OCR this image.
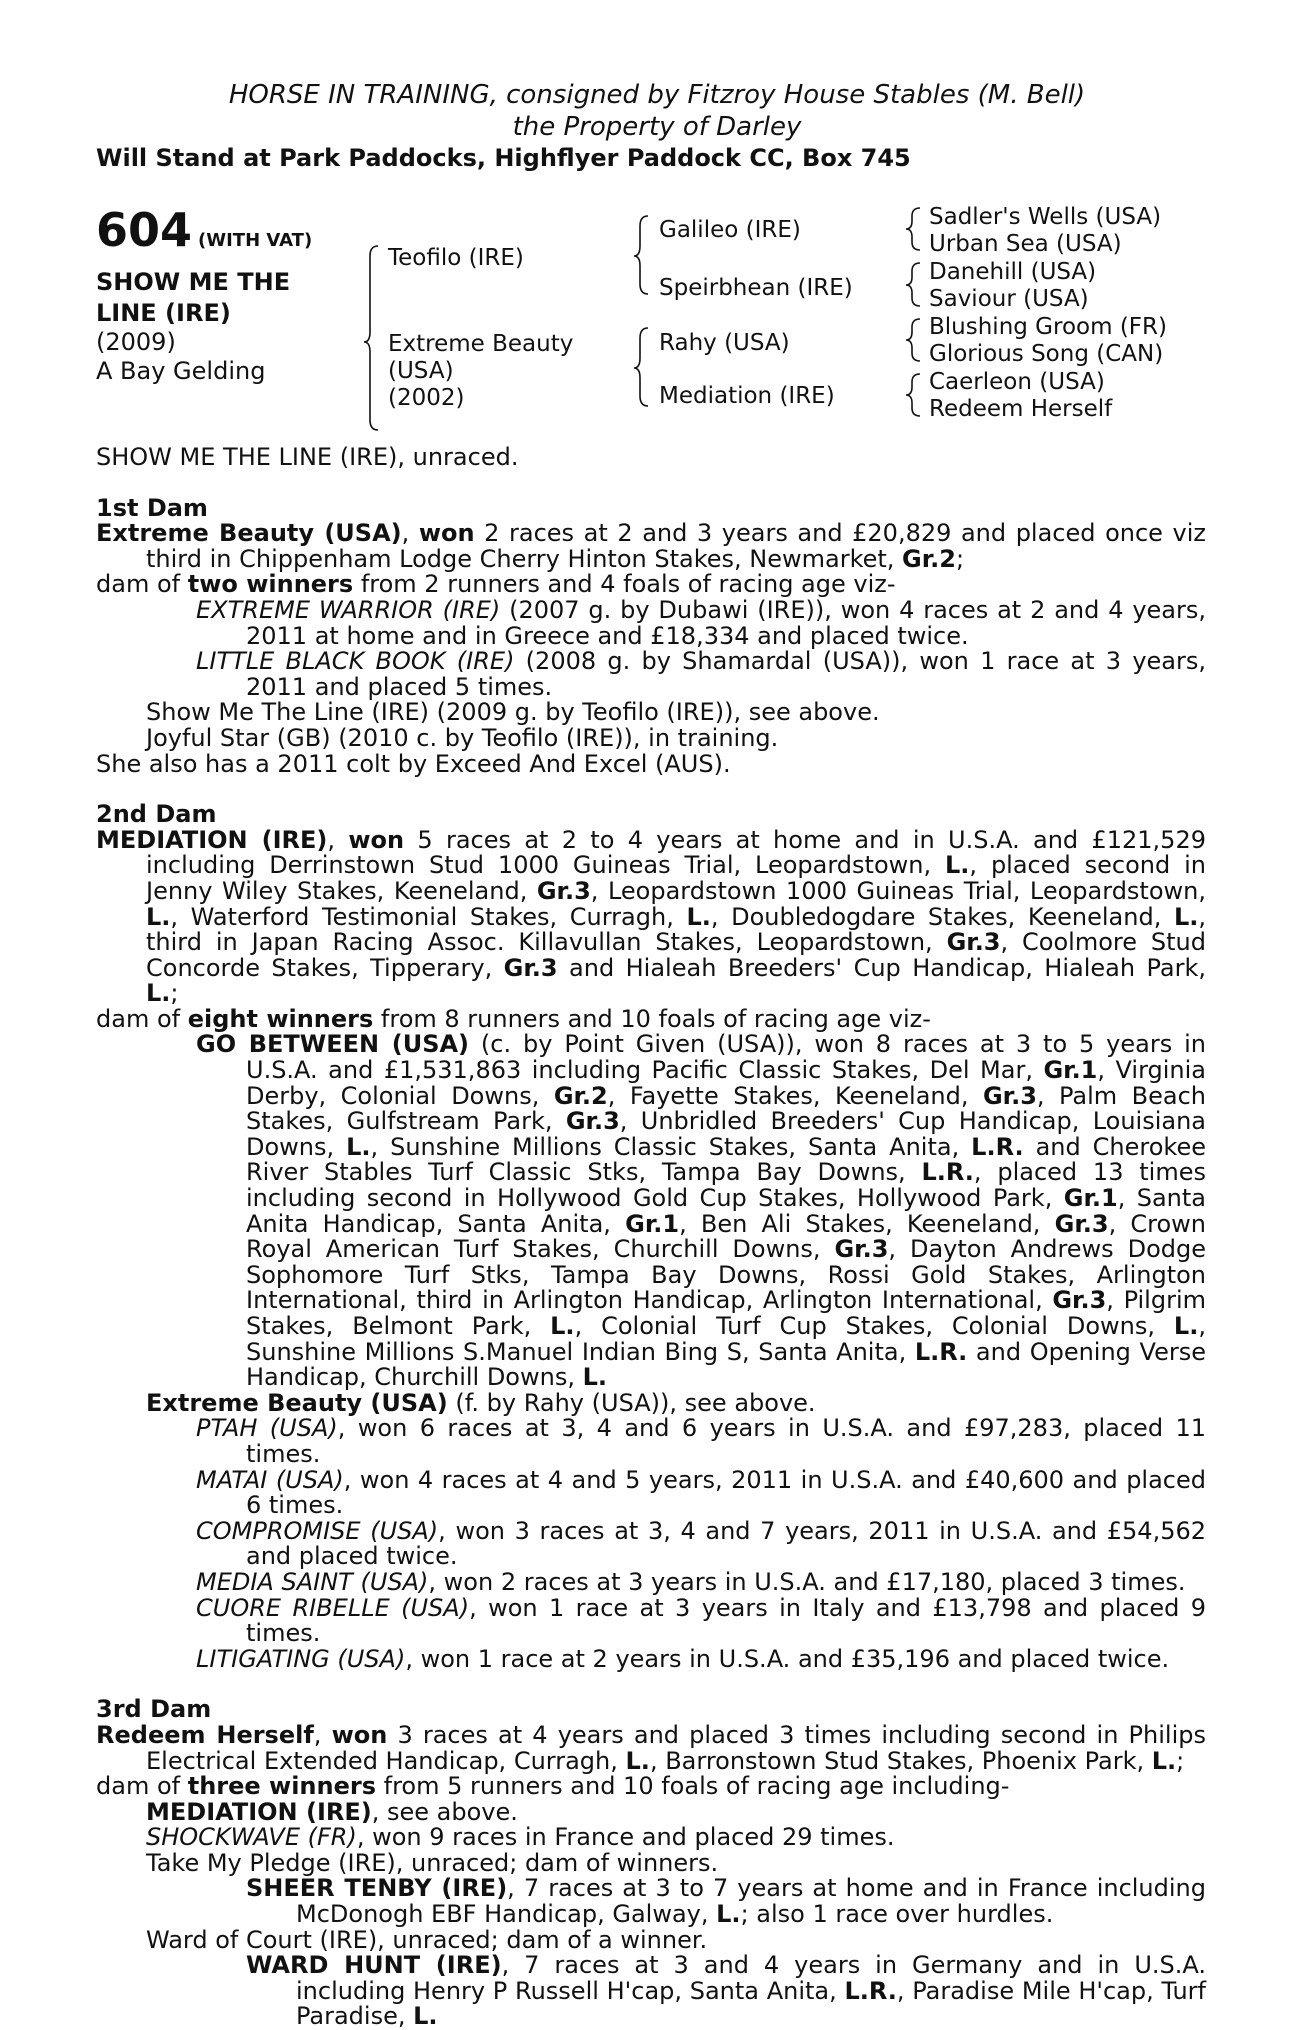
HORSE IN TRAINING, consigned by Fitzroy House Stables (M. Bell)
the Property of Darley
Will Stand at Park Paddocks, Highflyer Paddock CC, Box 745
604 (WITH VAT)
SHOW ME THE
LINE (IRE)
(2009)
A Bay Gelding
Teofilo (IRE)
Extreme Beauty
(USA)
(2002)
Galileo (IRE)
Speirbhean (IRE)
Rahy (USA)
Mediation (IRE)
Sadler's Wells (USA)
Urban Sea (USA)
Danehill (USA)
Saviour (USA)
Blushing Groom (FR)
Glorious Song (CAN)
Caerleon (USA)
Redeem Herself

SHOW ME THE LINE (IRE), unraced.

1st Dam

Extreme Beauty (USA), won 2 races at 2 and 3 years and £20,829 and placed once viz third in Chippenham Lodge Cherry Hinton Stakes, Newmarket, Gr.2;

dam of two winners from 2 runners and 4 foals of racing age viz-

EXTREME WARRIOR (IRE) (2007 g. by Dubawi (IRE)), won 4 races at 2 and 4 years, 2011 at home and in Greece and £18,334 and placed twice.

LITTLE BLACK BOOK (IRE) (2008 g. by Shamardal (USA)), won 1 race at 3 years, 2011 and placed 5 times.

Show Me The Line (IRE) (2009 g. by Teofilo (IRE)), see above.

Joyful Star (GB) (2010 c. by Teofilo (IRE)), in training.

She also has a 2011 colt by Exceed And Excel (AUS).

2nd Dam

MEDIATION (IRE), won 5 races at 2 to 4 years at home and in U.S.A. and £121,529 including Derrinstown Stud 1000 Guineas Trial, Leopardstown, L., placed second in Jenny Wiley Stakes, Keeneland, Gr.3, Leopardstown 1000 Guineas Trial, Leopardstown, L., Waterford Testimonial Stakes, Curragh, L., Doubledogdare Stakes, Keeneland, L., third in Japan Racing Assoc. Killavullan Stakes, Leopardstown, Gr.3, Coolmore Stud Concorde Stakes, Tipperary, Gr.3 and Hialeah Breeders' Cup Handicap, Hialeah Park, L.;

dam of eight winners from 8 runners and 10 foals of racing age viz-

GO BETWEEN (USA) (c. by Point Given (USA)), won 8 races at 3 to 5 years in U.S.A. and £1,531,863 including Pacific Classic Stakes, Del Mar, Gr.1, Virginia Derby, Colonial Downs, Gr.2, Fayette Stakes, Keeneland, Gr.3, Palm Beach Stakes, Gulfstream Park, Gr.3, Unbridled Breeders' Cup Handicap, Louisiana Downs, L., Sunshine Millions Classic Stakes, Santa Anita, L.R. and Cherokee River Stables Turf Classic Stks, Tampa Bay Downs, L.R., placed 13 times including second in Hollywood Gold Cup Stakes, Hollywood Park, Gr.1, Santa Anita Handicap, Santa Anita, Gr.1, Ben Ali Stakes, Keeneland, Gr.3, Crown Royal American Turf Stakes, Churchill Downs, Gr.3, Dayton Andrews Dodge Sophomore Turf Stks, Tampa Bay Downs, Rossi Gold Stakes, Arlington International, third in Arlington Handicap, Arlington International, Gr.3, Pilgrim Stakes, Belmont Park, L., Colonial Turf Cup Stakes, Colonial Downs, L., Sunshine Millions S.Manuel Indian Bing S, Santa Anita, L.R. and Opening Verse Handicap, Churchill Downs, L.

Extreme Beauty (USA) (f. by Rahy (USA)), see above.

PTAH (USA), won 6 races at 3, 4 and 6 years in U.S.A. and £97,283, placed 11 times.

MATAI (USA), won 4 races at 4 and 5 years, 2011 in U.S.A. and £40,600 and placed 6 times.

COMPROMISE (USA), won 3 races at 3, 4 and 7 years, 2011 in U.S.A. and £54,562 and placed twice.

MEDIA SAINT (USA), won 2 races at 3 years in U.S.A. and £17,180, placed 3 times.

CUORE RIBELLE (USA), won 1 race at 3 years in Italy and £13,798 and placed 9 times.

LITIGATING (USA), won 1 race at 2 years in U.S.A. and £35,196 and placed twice.

3rd Dam

Redeem Herself, won 3 races at 4 years and placed 3 times including second in Philips Electrical Extended Handicap, Curragh, L., Barronstown Stud Stakes, Phoenix Park, L.;

dam of three winners from 5 runners and 10 foals of racing age including-

MEDIATION (IRE), see above.

SHOCKWAVE (FR), won 9 races in France and placed 29 times.

Take My Pledge (IRE), unraced; dam of winners.

SHEER TENBY (IRE), 7 races at 3 to 7 years at home and in France including McDonogh EBF Handicap, Galway, L.; also 1 race over hurdles.

Ward of Court (IRE), unraced; dam of a winner.

WARD HUNT (IRE), 7 races at 3 and 4 years in Germany and in U.S.A. including Henry P Russell H'cap, Santa Anita, L.R., Paradise Mile H'cap, Turf Paradise, L.
